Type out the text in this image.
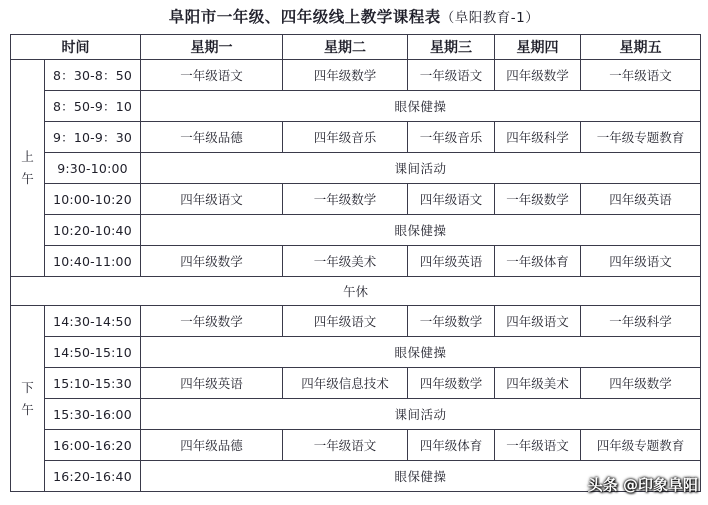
阜阳市一年级、四年级线上教学课程表（阜阳教育-1）
时间		星期一	星期二	星期三	星期四	星期五
上
午	8：30-8：50	一年级语文	四年级数学	一年级语文	四年级数学	一年级语文
	8：50-9：10	眼保健操				
	9：10-9：30	一年级品德	四年级音乐	一年级音乐	四年级科学	一年级专题教育
	9:30-10:00	课间活动				
	10:00-10:20	四年级语文	一年级数学	四年级语文	一年级数学	四年级英语
	10:20-10:40	眼保健操				
	10:40-11:00	四年级数学	一年级美术	四年级英语	一年级体育	四年级语文
午休						
下
午	14:30-14:50	一年级数学	四年级语文	一年级数学	四年级语文	一年级科学
	14:50-15:10	眼保健操				
	15:10-15:30	四年级英语	四年级信息技术	四年级数学	四年级美术	四年级数学
	15:30-16:00	课间活动				
	16:00-16:20	四年级品德	一年级语文	四年级体育	一年级语文	四年级专题教育
	16:20-16:40	眼保健操					头条 @印象阜阳
